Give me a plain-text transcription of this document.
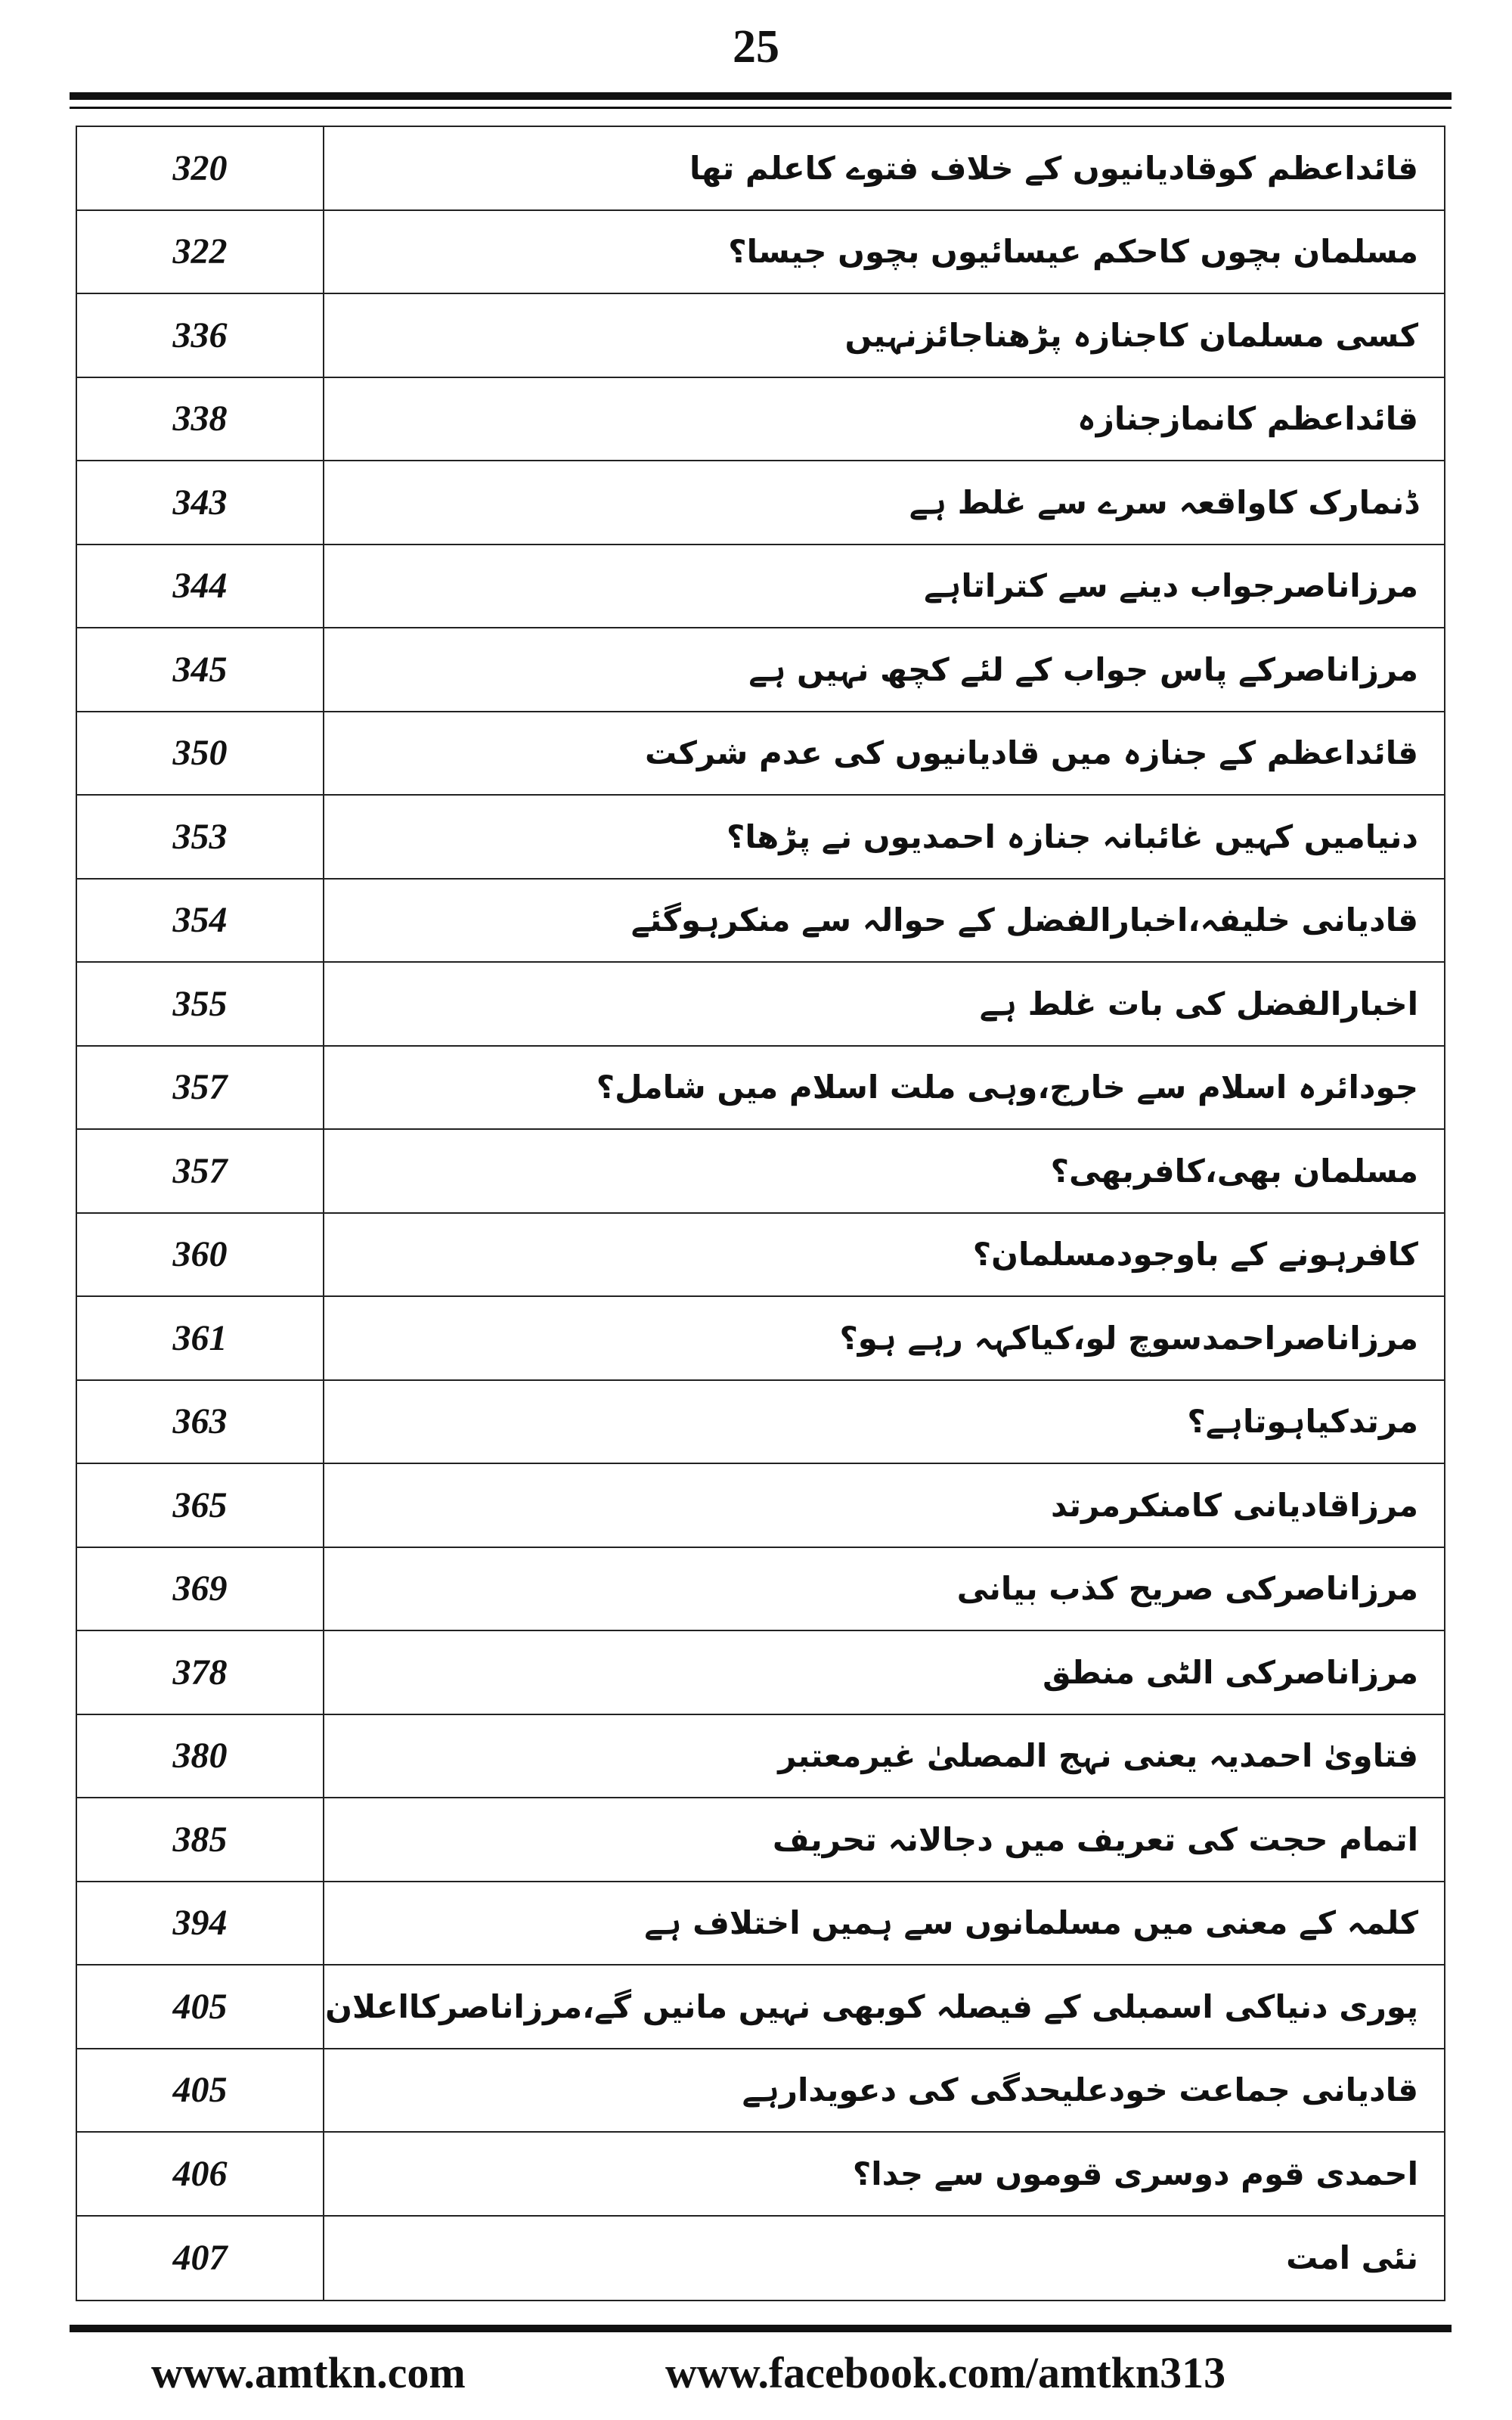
25
320	قائداعظم کوقادیانیوں کے خلاف فتوے کاعلم تھا
322	مسلمان بچوں کاحکم عیسائیوں بچوں جیسا؟
336	کسی مسلمان کاجنازہ پڑھناجائزنہیں
338	قائداعظم کانمازجنازہ
343	ڈنمارک کاواقعہ سرے سے غلط ہے
344	مرزاناصرجواب دینے سے کتراتاہے
345	مرزاناصرکے پاس جواب کے لئے کچھ نہیں ہے
350	قائداعظم کے جنازہ میں قادیانیوں کی عدم شرکت
353	دنیامیں کہیں غائبانہ جنازہ احمدیوں نے پڑھا؟
354	قادیانی خلیفہ،اخبارالفضل کے حوالہ سے منکرہوگئے
355	اخبارالفضل کی بات غلط ہے
357	جودائرہ اسلام سے خارج،وہی ملت اسلام میں شامل؟
357	مسلمان بھی،کافربھی؟
360	کافرہونے کے باوجودمسلمان؟
361	مرزاناصراحمدسوچ لو،کیاکہہ رہے ہو؟
363	مرتدکیاہوتاہے؟
365	مرزاقادیانی کامنکرمرتد
369	مرزاناصرکی صریح کذب بیانی
378	مرزاناصرکی الٹی منطق
380	فتاویٰ احمدیہ یعنی نہج المصلیٰ غیرمعتبر
385	اتمام حجت کی تعریف میں دجالانہ تحریف
394	کلمہ کے معنی میں مسلمانوں سے ہمیں اختلاف ہے
405	پوری دنیاکی اسمبلی کے فیصلہ کوبھی نہیں مانیں گے،مرزاناصرکااعلان
405	قادیانی جماعت خودعلیحدگی کی دعویدارہے
406	احمدی قوم دوسری قوموں سے جدا؟
407	نئی امت
www.amtkn.com	www.facebook.com/amtkn313
